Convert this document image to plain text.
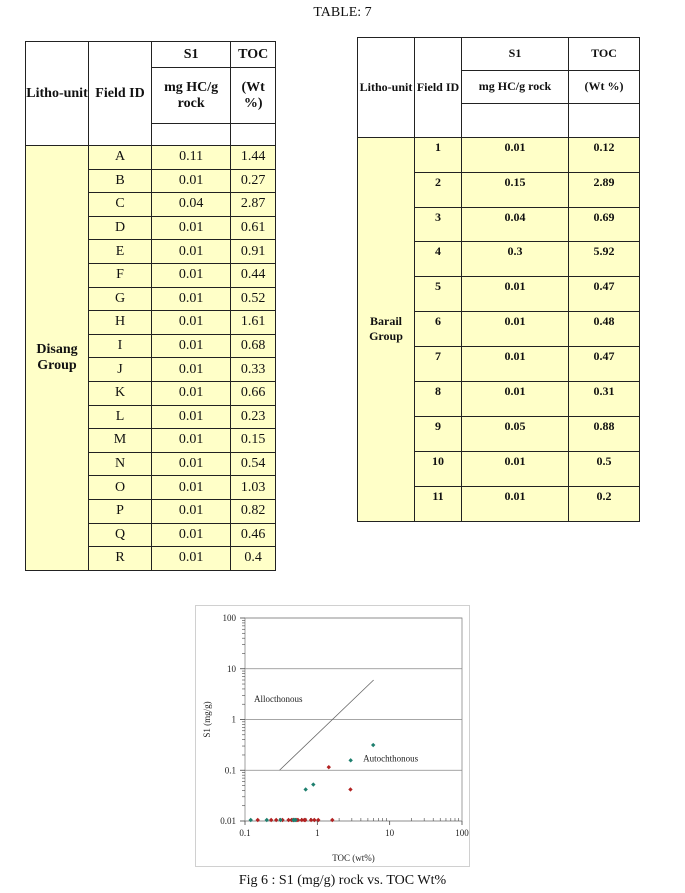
TABLE: 7
Litho-unit	Field ID	S1	TOC
		mg HC/g rock	(Wt %)

Disang Group	A	0.11	1.44
	B	0.01	0.27
	C	0.04	2.87
	D	0.01	0.61
	E	0.01	0.91
	F	0.01	0.44
	G	0.01	0.52
	H	0.01	1.61
	I	0.01	0.68
	J	0.01	0.33
	K	0.01	0.66
	L	0.01	0.23
	M	0.01	0.15
	N	0.01	0.54
	O	0.01	1.03
	P	0.01	0.82
	Q	0.01	0.46
	R	0.01	0.4
Litho-unit	Field ID	S1	TOC
		mg HC/g rock	(Wt %)

Barail Group	1	0.01	0.12
	2	0.15	2.89
	3	0.04	0.69
	4	0.3	5.92
	5	0.01	0.47
	6	0.01	0.48
	7	0.01	0.47
	8	0.01	0.31
	9	0.05	0.88
	10	0.01	0.5
	11	0.01	0.2
0.01
0.1
1
10
100
0.1	1	10	100
TOC (wt%)
S1 (mg/g)
Allocthonous
Autochthonous
Fig 6 : S1 (mg/g) rock vs. TOC Wt%
